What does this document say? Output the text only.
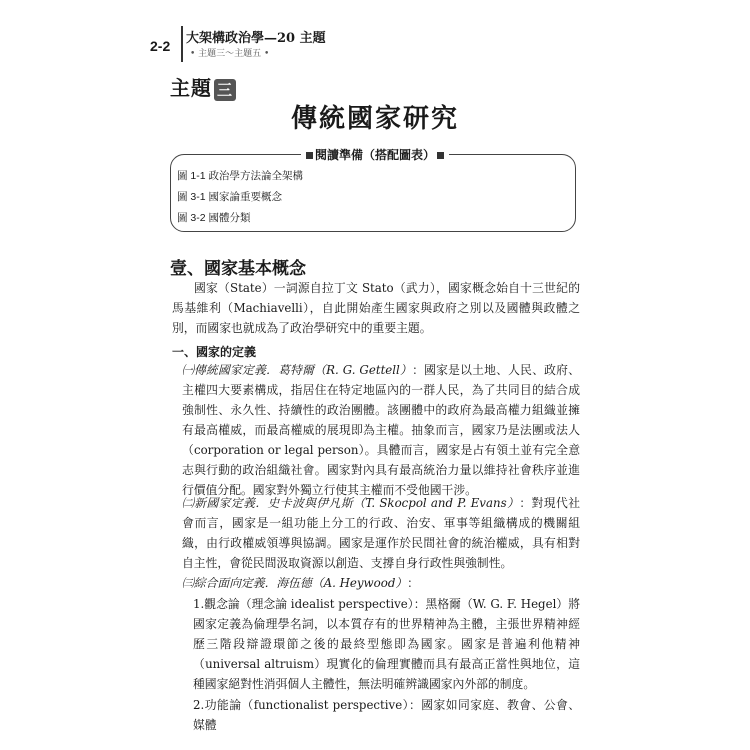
2-2 大架構政治學—20 主題
• 主題三～主題五 •
主題 三
傳統國家研究
閱讀準備（搭配圖表）
圖 1-1 政治學方法論全架構
圖 3-1 國家論重要概念
圖 3-2 國體分類
壹、國家基本概念
國家（State）一詞源自拉丁文 Stato（武力），國家概念始自十三世紀的馬基維利（Machiavelli），自此開始產生國家與政府之別以及國體與政體之別，而國家也就成為了政治學研究中的重要主題。
一、國家的定義
㈠傳統國家定義．葛特爾（R. G. Gettell）：國家是以土地、人民、政府、主權四大要素構成，指居住在特定地區內的一群人民，為了共同目的結合成強制性、永久性、持續性的政治團體。該團體中的政府為最高權力組織並擁有最高權威，而最高權威的展現即為主權。抽象而言，國家乃是法團或法人（corporation or legal person）。具體而言，國家是占有領土並有完全意志與行動的政治組織社會。國家對內具有最高統治力量以維持社會秩序並進行價值分配。國家對外獨立行使其主權而不受他國干涉。
㈡新國家定義．史卡波與伊凡斯（T. Skocpol and P. Evans）：對現代社會而言，國家是一組功能上分工的行政、治安、軍事等組織構成的機關組織，由行政權威領導與協調。國家是運作於民間社會的統治權威，具有相對自主性，會從民間汲取資源以創造、支撐自身行政性與強制性。
㈢綜合面向定義．海伍德（A. Heywood）：
1.觀念論（理念論 idealist perspective）：黑格爾（W. G. F. Hegel）將國家定義為倫理學名詞，以本質存有的世界精神為主體，主張世界精神經歷三階段辯證環節之後的最終型態即為國家。國家是普遍利他精神（universal altruism）現實化的倫理實體而具有最高正當性與地位，這種國家絕對性消弭個人主體性，無法明確辨識國家內外部的制度。
2.功能論（functionalist perspective）：國家如同家庭、教會、公會、媒體
